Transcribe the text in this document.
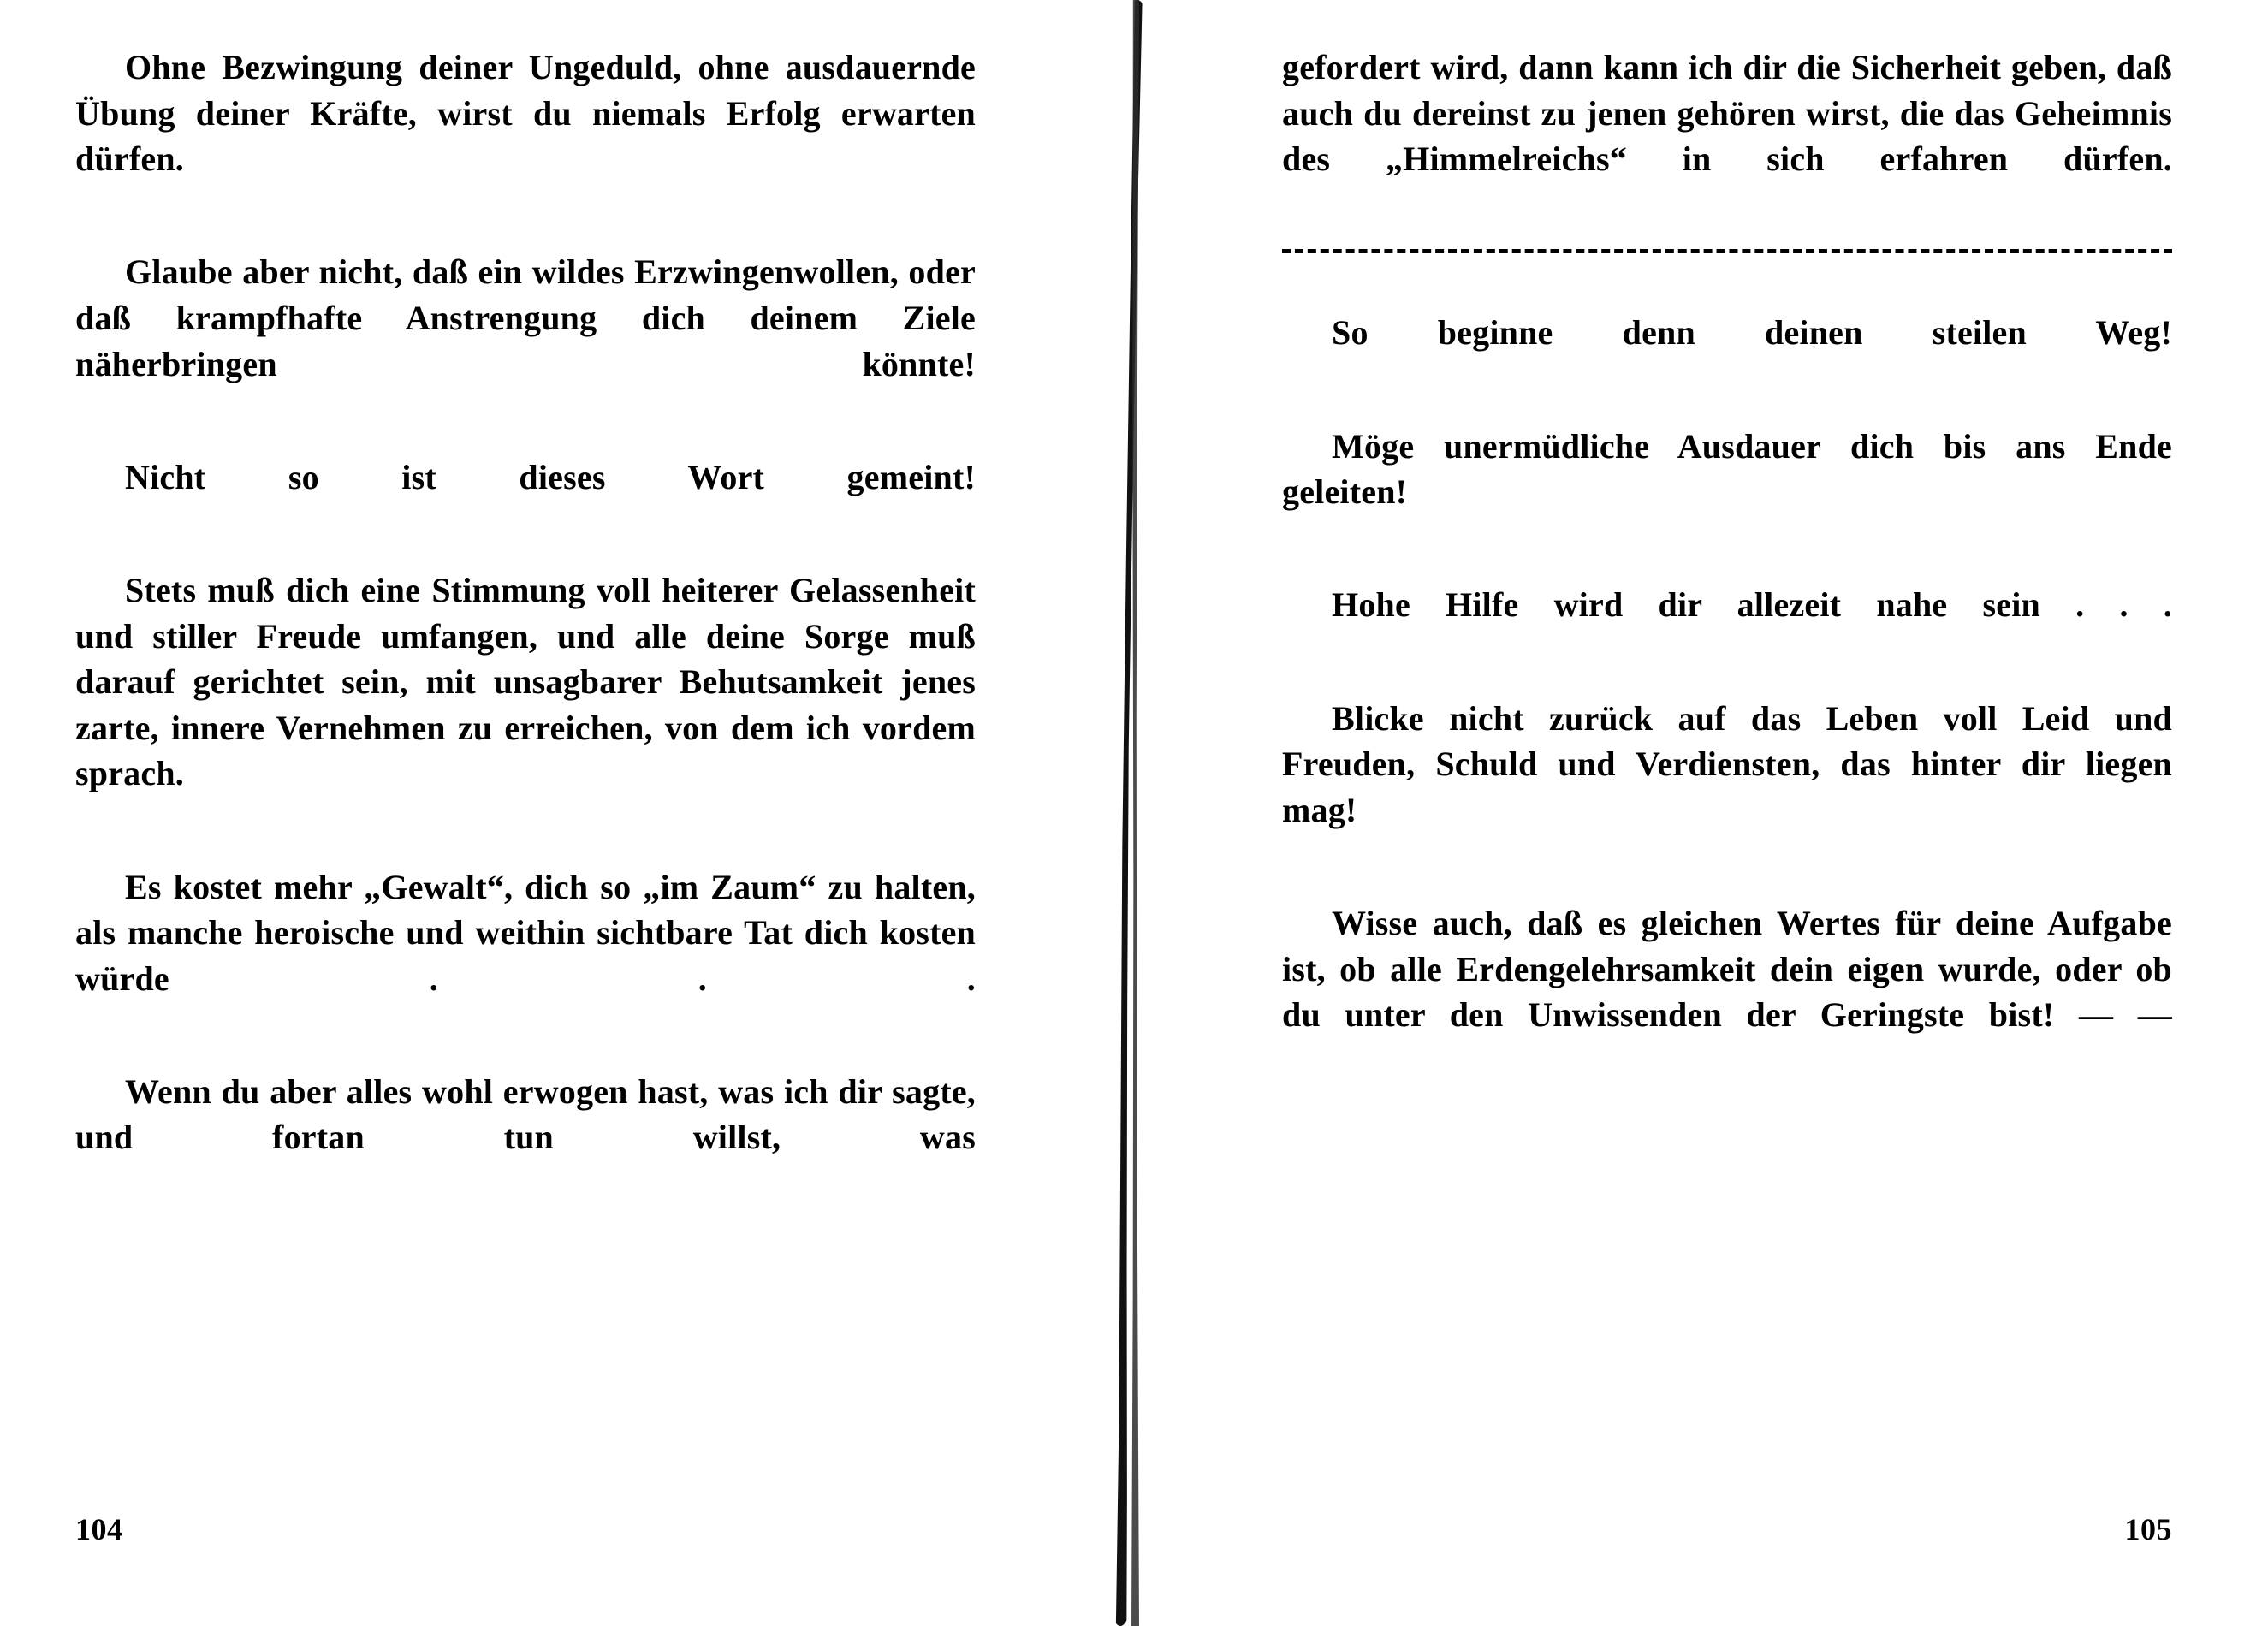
Ohne Bezwingung deiner Ungeduld, ohne ausdauernde Übung deiner Kräfte, wirst du niemals Erfolg erwarten dürfen.

Glaube aber nicht, daß ein wildes Erzwingenwollen, oder daß krampfhafte Anstrengung dich deinem Ziele näherbringen könnte!

Nicht so ist dieses Wort gemeint!

Stets muß dich eine Stimmung voll heiterer Gelassenheit und stiller Freude umfangen, und alle deine Sorge muß darauf gerichtet sein, mit unsagbarer Behutsamkeit jenes zarte, innere Vernehmen zu erreichen, von dem ich vordem sprach.

Es kostet mehr „Gewalt“, dich so „im Zaum“ zu halten, als manche heroische und weithin sichtbare Tat dich kosten würde . . .

Wenn du aber alles wohl erwogen hast, was ich dir sagte, und fortan tun willst, was

104

gefordert wird, dann kann ich dir die Sicherheit geben, daß auch du dereinst zu jenen gehören wirst, die das Geheimnis des „Himmelreichs“ in sich erfahren dürfen.

So beginne denn deinen steilen Weg!

Möge unermüdliche Ausdauer dich bis ans Ende geleiten!

Hohe Hilfe wird dir allezeit nahe sein . . .

Blicke nicht zurück auf das Leben voll Leid und Freuden, Schuld und Verdiensten, das hinter dir liegen mag!

Wisse auch, daß es gleichen Wertes für deine Aufgabe ist, ob alle Erdengelehrsamkeit dein eigen wurde, oder ob du unter den Unwissenden der Geringste bist! — —

105
